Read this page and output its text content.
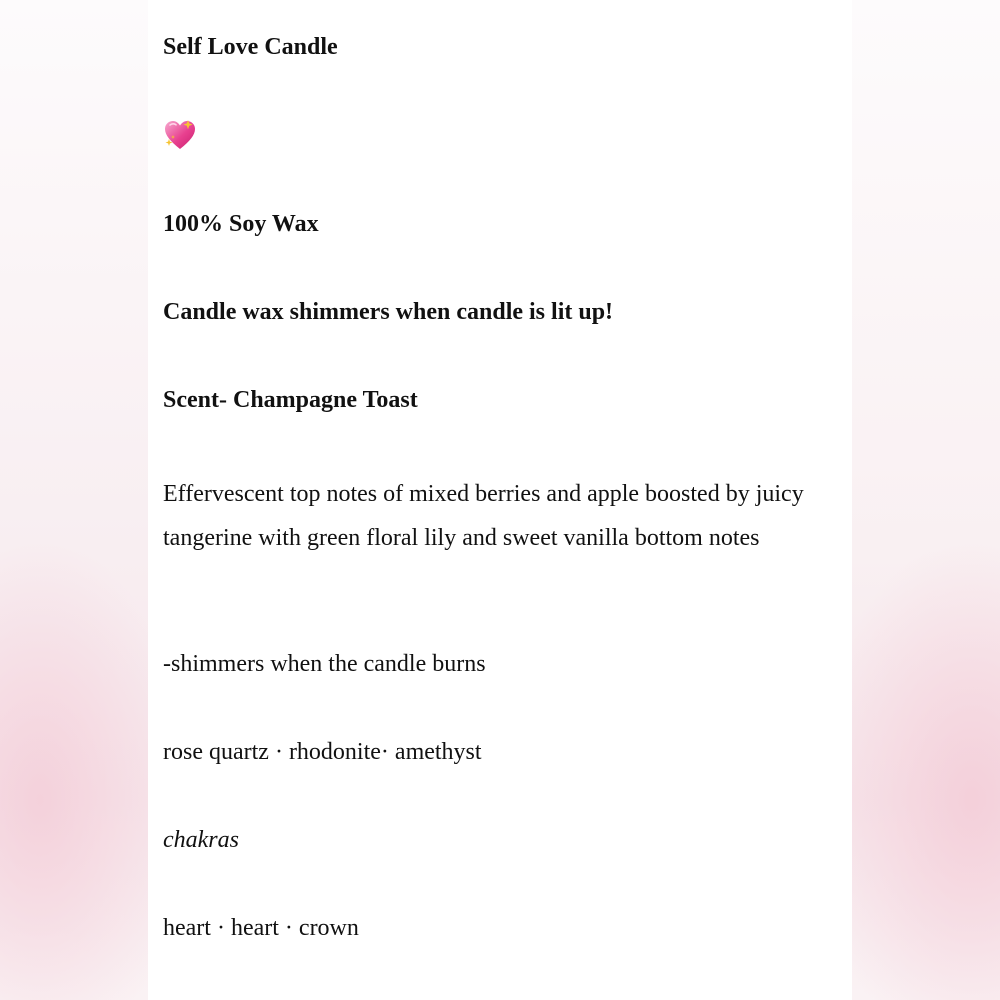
Self Love Candle

100% Soy Wax

Candle wax shimmers when candle is lit up!

Scent- Champagne Toast

Effervescent top notes of mixed berries and apple boosted by juicy tangerine with green floral lily and sweet vanilla bottom notes

-shimmers when the candle burns

rose quartz · rhodonite· amethyst

chakras

heart · heart · crown
